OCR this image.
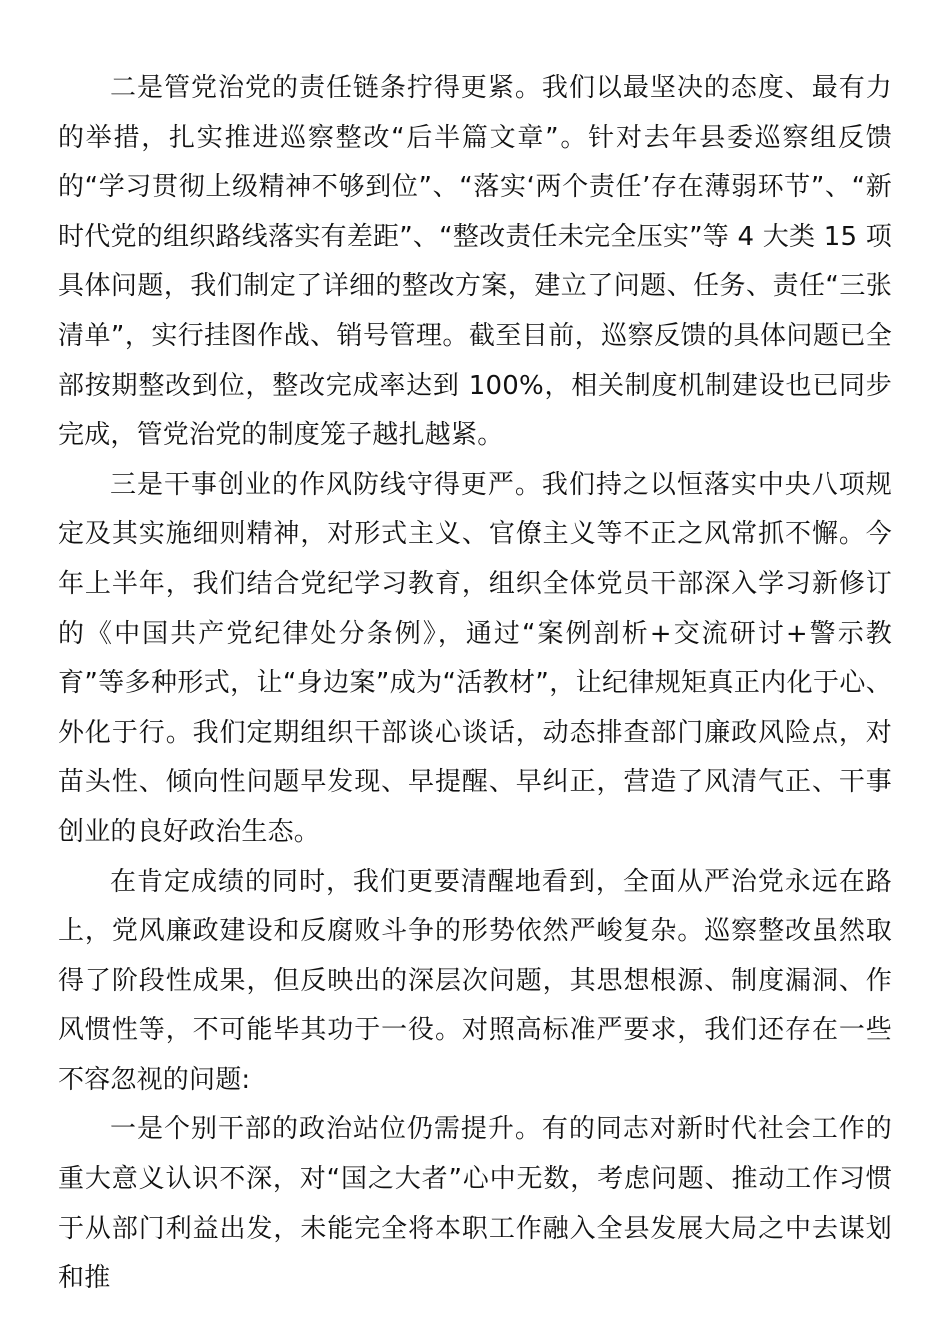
二是管党治党的责任链条拧得更紧。我们以最坚决的态度、最有力的举措，扎实推进巡察整改“后半篇文章”。针对去年县委巡察组反馈的“学习贯彻上级精神不够到位”、“落实‘两个责任’存在薄弱环节”、“新时代党的组织路线落实有差距”、“整改责任未完全压实”等 4 大类 15 项具体问题，我们制定了详细的整改方案，建立了问题、任务、责任“三张清单”，实行挂图作战、销号管理。截至目前，巡察反馈的具体问题已全部按期整改到位，整改完成率达到 100%，相关制度机制建设也已同步完成，管党治党的制度笼子越扎越紧。

三是干事创业的作风防线守得更严。我们持之以恒落实中央八项规定及其实施细则精神，对形式主义、官僚主义等不正之风常抓不懈。今年上半年，我们结合党纪学习教育，组织全体党员干部深入学习新修订的《中国共产党纪律处分条例》，通过“案例剖析+交流研讨+警示教育”等多种形式，让“身边案”成为“活教材”，让纪律规矩真正内化于心、外化于行。我们定期组织干部谈心谈话，动态排查部门廉政风险点，对苗头性、倾向性问题早发现、早提醒、早纠正，营造了风清气正、干事创业的良好政治生态。

在肯定成绩的同时，我们更要清醒地看到，全面从严治党永远在路上，党风廉政建设和反腐败斗争的形势依然严峻复杂。巡察整改虽然取得了阶段性成果，但反映出的深层次问题，其思想根源、制度漏洞、作风惯性等，不可能毕其功于一役。对照高标准严要求，我们还存在一些不容忽视的问题:

一是个别干部的政治站位仍需提升。有的同志对新时代社会工作的重大意义认识不深，对“国之大者”心中无数，考虑问题、推动工作习惯于从部门利益出发，未能完全将本职工作融入全县发展大局之中去谋划和推
